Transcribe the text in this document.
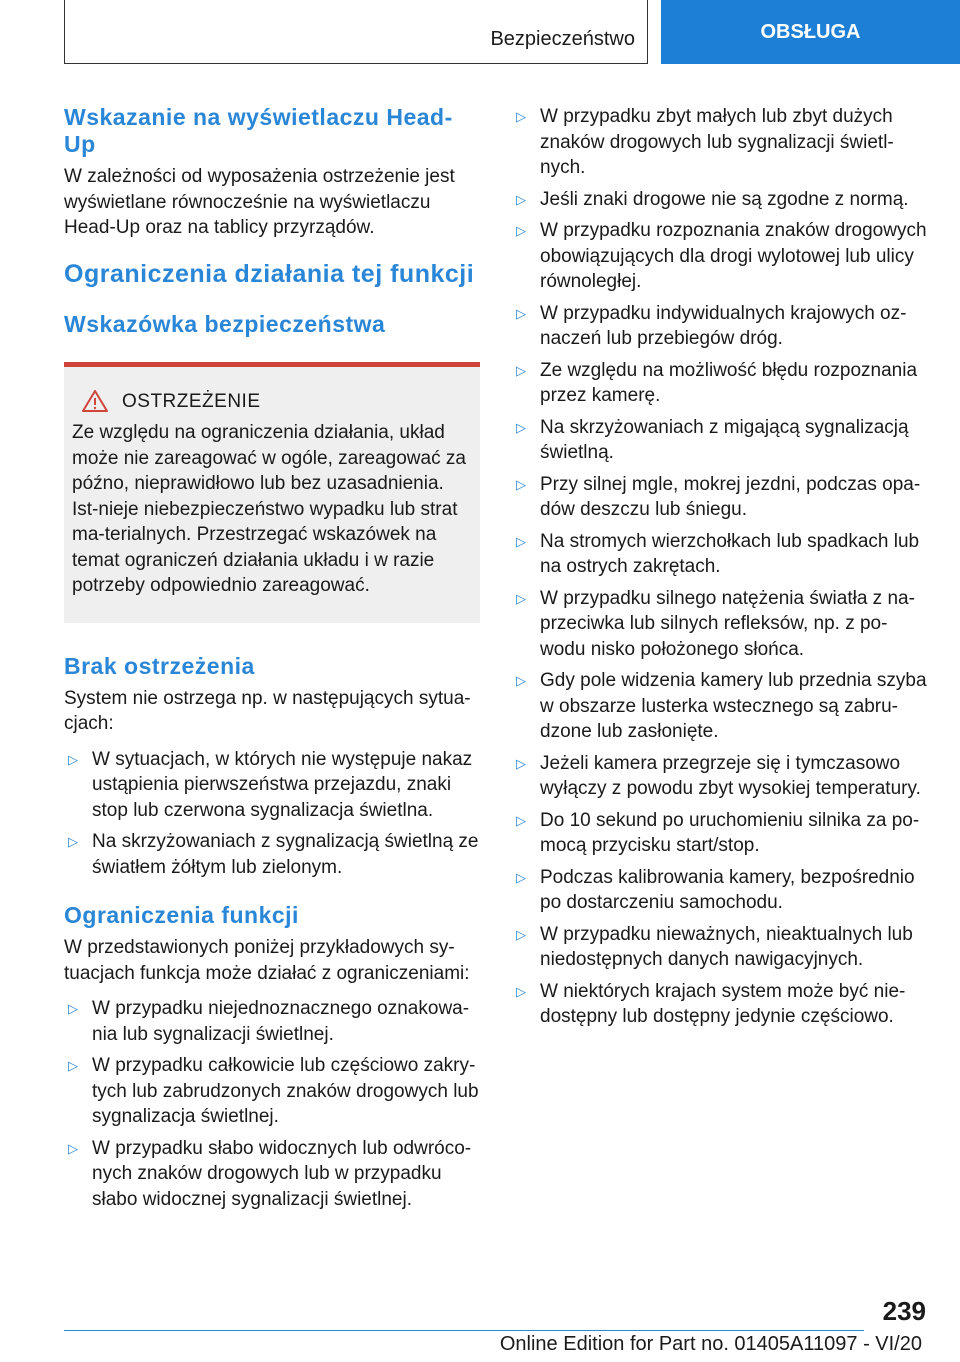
Bezpieczeństwo	OBSŁUGA
Wskazanie na wyświetlaczu Head-Up

W zależności od wyposażenia ostrzeżenie jest wyświetlane równocześnie na wyświetlaczu Head-Up oraz na tablicy przyrządów.

Ograniczenia działania tej funkcji
Wskazówka bezpieczeństwa
OSTRZEŻENIE

Ze względu na ograniczenia działania, układ może nie zareagować w ogóle, zareagować za późno, nieprawidłowo lub bez uzasadnienia. Ist-nieje niebezpieczeństwo wypadku lub strat ma-terialnych. Przestrzegać wskazówek na temat ograniczeń działania układu i w razie potrzeby odpowiednio zareagować.

Brak ostrzeżenia

System nie ostrzega np. w następujących sytua-cjach:

▷ W sytuacjach, w których nie występuje nakaz ustąpienia pierwszeństwa przejazdu, znaki stop lub czerwona sygnalizacja świetlna.
▷ Na skrzyżowaniach z sygnalizacją świetlną ze światłem żółtym lub zielonym.
Ograniczenia funkcji

W przedstawionych poniżej przykładowych sy-tuacjach funkcja może działać z ograniczeniami:

▷ W przypadku niejednoznacznego oznakowa-nia lub sygnalizacji świetlnej.
▷ W przypadku całkowicie lub częściowo zakry-tych lub zabrudzonych znaków drogowych lub sygnalizacja świetlnej.
▷ W przypadku słabo widocznych lub odwróco-nych znaków drogowych lub w przypadku słabo widocznej sygnalizacji świetlnej.
▷ W przypadku zbyt małych lub zbyt dużych znaków drogowych lub sygnalizacji świetl-nych.
▷ Jeśli znaki drogowe nie są zgodne z normą.
▷ W przypadku rozpoznania znaków drogowych obowiązujących dla drogi wylotowej lub ulicy równoległej.
▷ W przypadku indywidualnych krajowych oz-naczeń lub przebiegów dróg.
▷ Ze względu na możliwość błędu rozpoznania przez kamerę.
▷ Na skrzyżowaniach z migającą sygnalizacją świetlną.
▷ Przy silnej mgle, mokrej jezdni, podczas opa-dów deszczu lub śniegu.
▷ Na stromych wierzchołkach lub spadkach lub na ostrych zakrętach.
▷ W przypadku silnego natężenia światła z na-przeciwka lub silnych refleksów, np. z po-wodu nisko położonego słońca.
▷ Gdy pole widzenia kamery lub przednia szyba w obszarze lusterka wstecznego są zabru-dzone lub zasłonięte.
▷ Jeżeli kamera przegrzeje się i tymczasowo wyłączy z powodu zbyt wysokiej temperatury.
▷ Do 10 sekund po uruchomieniu silnika za po-mocą przycisku start/stop.
▷ Podczas kalibrowania kamery, bezpośrednio po dostarczeniu samochodu.
▷ W przypadku nieważnych, nieaktualnych lub niedostępnych danych nawigacyjnych.
▷ W niektórych krajach system może być nie-dostępny lub dostępny jedynie częściowo.
239
Online Edition for Part no. 01405A11097 - VI/20
